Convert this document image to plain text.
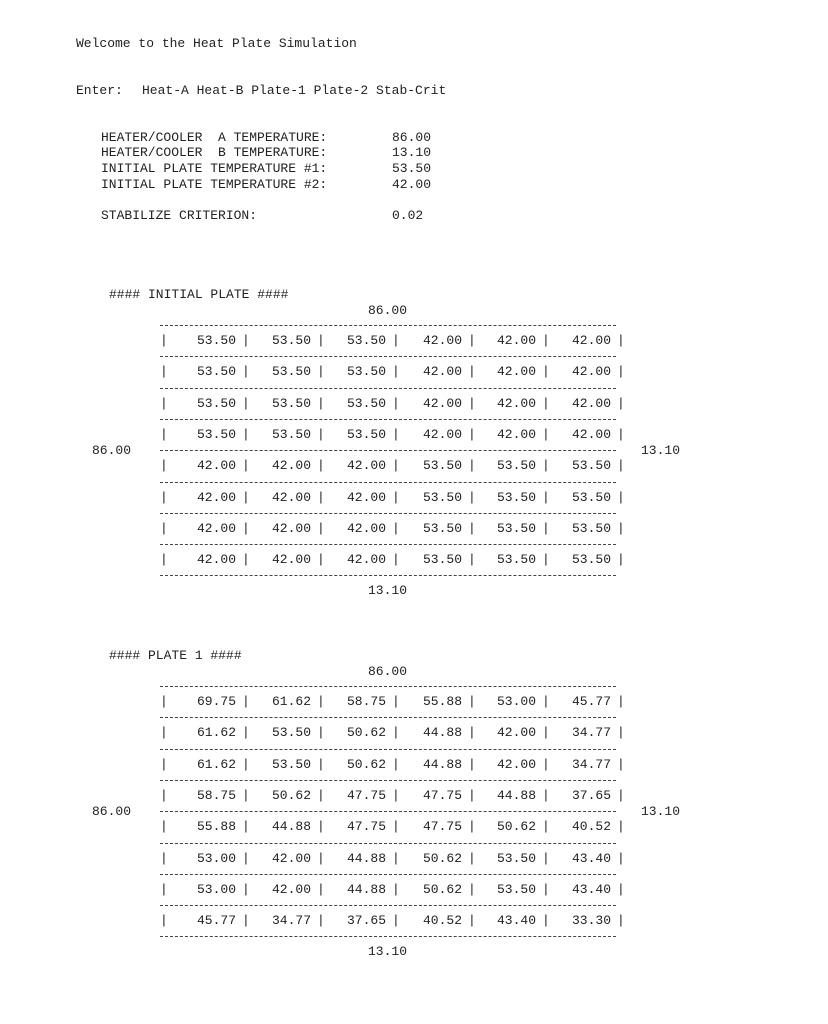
Welcome to the Heat Plate Simulation
Enter: Heat-A Heat-B Plate-1 Plate-2 Stab-Crit
HEATER/COOLER  A TEMPERATURE:	86.00
HEATER/COOLER  B TEMPERATURE:	13.10
INITIAL PLATE TEMPERATURE #1:	53.50
INITIAL PLATE TEMPERATURE #2:	42.00
STABILIZE CRITERION:	0.02
#### INITIAL PLATE ####
86.00
|	53.50 |	53.50 |	53.50 |	42.00 |	42.00 |	42.00 |
|	53.50 |	53.50 |	53.50 |	42.00 |	42.00 |	42.00 |
|	53.50 |	53.50 |	53.50 |	42.00 |	42.00 |	42.00 |
|	53.50 |	53.50 |	53.50 |	42.00 |	42.00 |	42.00 |
|	42.00 |	42.00 |	42.00 |	53.50 |	53.50 |	53.50 |
|	42.00 |	42.00 |	42.00 |	53.50 |	53.50 |	53.50 |
|	42.00 |	42.00 |	42.00 |	53.50 |	53.50 |	53.50 |
|	42.00 |	42.00 |	42.00 |	53.50 |	53.50 |	53.50 |
86.00	13.10
13.10
#### PLATE 1 ####
86.00
|	69.75 |	61.62 |	58.75 |	55.88 |	53.00 |	45.77 |
|	61.62 |	53.50 |	50.62 |	44.88 |	42.00 |	34.77 |
|	61.62 |	53.50 |	50.62 |	44.88 |	42.00 |	34.77 |
|	58.75 |	50.62 |	47.75 |	47.75 |	44.88 |	37.65 |
|	55.88 |	44.88 |	47.75 |	47.75 |	50.62 |	40.52 |
|	53.00 |	42.00 |	44.88 |	50.62 |	53.50 |	43.40 |
|	53.00 |	42.00 |	44.88 |	50.62 |	53.50 |	43.40 |
|	45.77 |	34.77 |	37.65 |	40.52 |	43.40 |	33.30 |
86.00	13.10
13.10
